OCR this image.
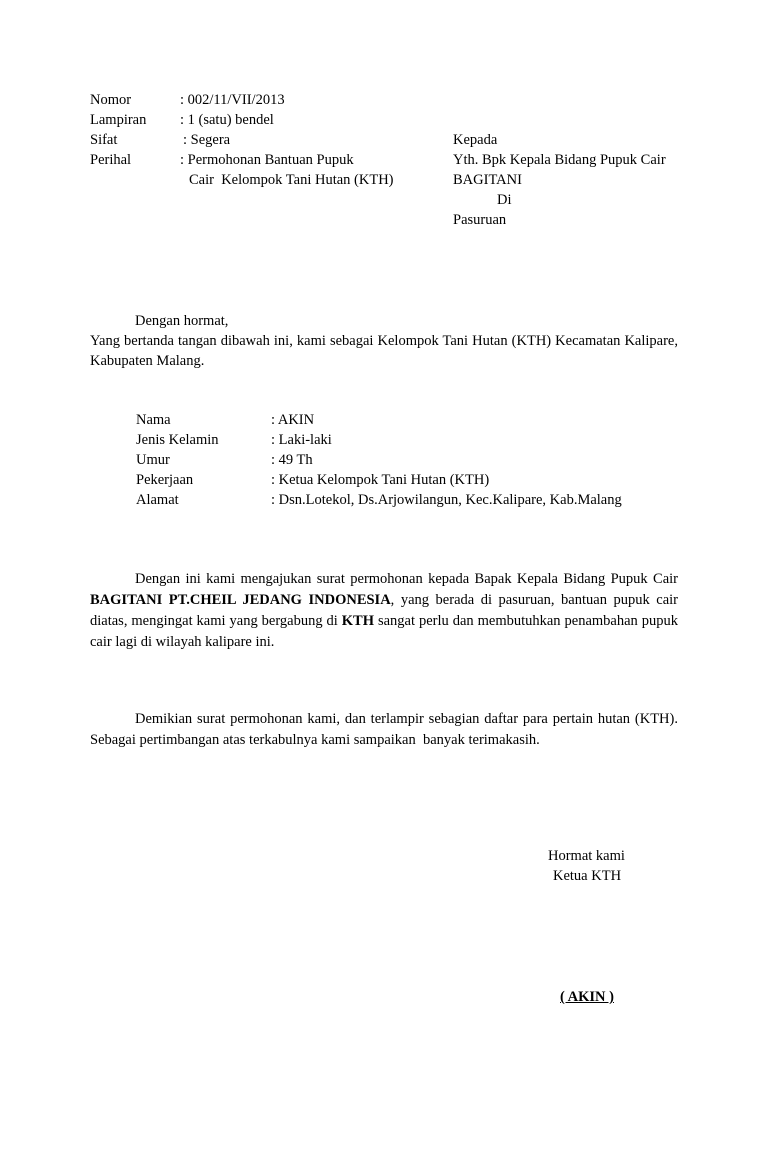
Nomor	: 002/11/VII/2013
Lampiran : 1 (satu) bendel
Sifat	: Segera
Perihal	: Permohonan Bantuan Pupuk
Cair  Kelompok Tani Hutan (KTH)
Kepada
Yth. Bpk Kepala Bidang Pupuk Cair
BAGITANI
Di
Pasuruan

Dengan hormat,

Yang bertanda tangan dibawah ini, kami sebagai Kelompok Tani Hutan (KTH) Kecamatan Kalipare, Kabupaten Malang.

Nama	: AKIN
Jenis Kelamin	: Laki-laki
Umur	: 49 Th
Pekerjaan	: Ketua Kelompok Tani Hutan (KTH)
Alamat	: Dsn.Lotekol, Ds.Arjowilangun, Kec.Kalipare, Kab.Malang

Dengan ini kami mengajukan surat permohonan kepada Bapak Kepala Bidang Pupuk Cair BAGITANI PT.CHEIL JEDANG INDONESIA, yang berada di pasuruan, bantuan pupuk cair diatas, mengingat kami yang bergabung di KTH sangat perlu dan membutuhkan penambahan pupuk cair lagi di wilayah kalipare ini.

Demikian surat permohonan kami, dan terlampir sebagian daftar para pertain hutan (KTH). Sebagai pertimbangan atas terkabulnya kami sampaikan  banyak terimakasih.

Hormat kami
Ketua KTH
( AKIN )
